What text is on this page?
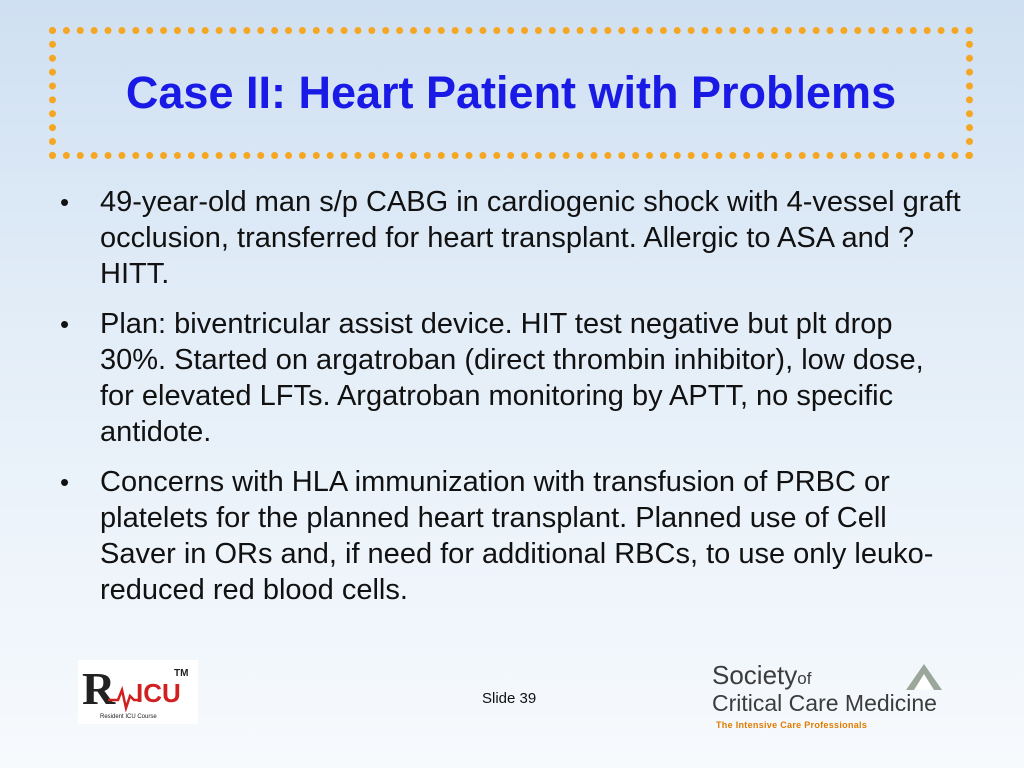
Case II: Heart Patient with Problems
•	49-year-old man s/p CABG in cardiogenic shock with 4-vessel graft occlusion, transferred for heart transplant. Allergic to ASA and ?HITT.
•	Plan: biventricular assist device. HIT test negative but plt drop 30%. Started on argatroban (direct thrombin inhibitor), low dose, for elevated LFTs. Argatroban monitoring by APTT, no specific antidote.
•	Concerns with HLA immunization with transfusion of PRBC or platelets for the planned heart transplant. Planned use of Cell Saver in ORs and, if need for additional RBCs, to use only leuko-reduced red blood cells.
R ICU
TM
Resident ICU Course
Slide 39
Societyof
Critical Care Medicine
The Intensive Care Professionals
